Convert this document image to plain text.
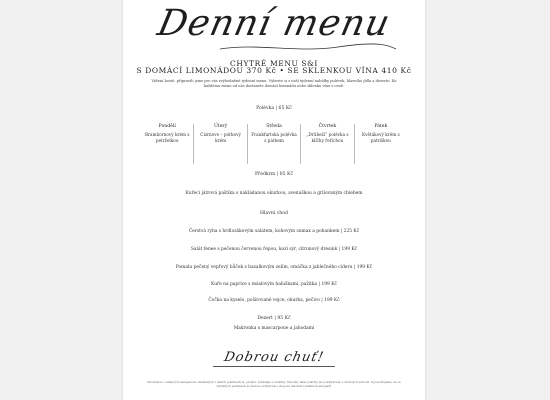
Denní menu
CHYTRÉ MENU S&I
S DOMÁCÍ LIMONÁDOU 370 Kč • SE SKLENKOU VÍNA 410 Kč
Vážení hosté, připravili jsme pro vás zvýhodněné týdenní menu. Vyberte si z naší týdenní nabídky polévek, hlavního jídla a dezertu. Ke každému menu od nás dostanete domácí limonádu nebo sklenku vína v ceně.
Polévka | 65 Kč
Pondělí
Brambornový krém s petrželkou
Úterý
Cizrnovo – pórkový krém
Středa
Frankfurtská polévka s párkem
Čtvrtek
„Drůbeží“ polévka s klíčky řeřichou
Pátek
Květákový krém s patriškou
Předkrm | 85 Kč
Kuřecí játrová paštika s nakládanou okurkou, avenuškou a grilovaným chlebem
Hlavní chod
Čerstvá ryba s hrdlozákovým salátem, koňovým sumax a pohankem | 225 Kč
Salát fenee s pečenou červenou řepou, kozí sýr, citronový dresink | 199 Kč
Pomalu pečený vepřový bůček s bazalkovým zelím, omáčka z jablečného cideru | 199 Kč
Kuře na paprice s máslovým haluškami, pažitka | 199 Kč
Čočka na kyselo, pošírované vejce, okurka, pečivo | 199 Kč
Dezert | 95 Kč
Makronka s mascarpone a jahodami
Dobrou chuť!
Informace o veškerých alergenech obsažených v našich pokrmech si, prosím, vyžádejte u obsluhy. Všechny naše pokrmy jsou připraveny z čerstvých surovin. Upozorňujeme, že ve vybraných pokrmech se mohou vyskytovat i stopové množství ostatních alergenů.
